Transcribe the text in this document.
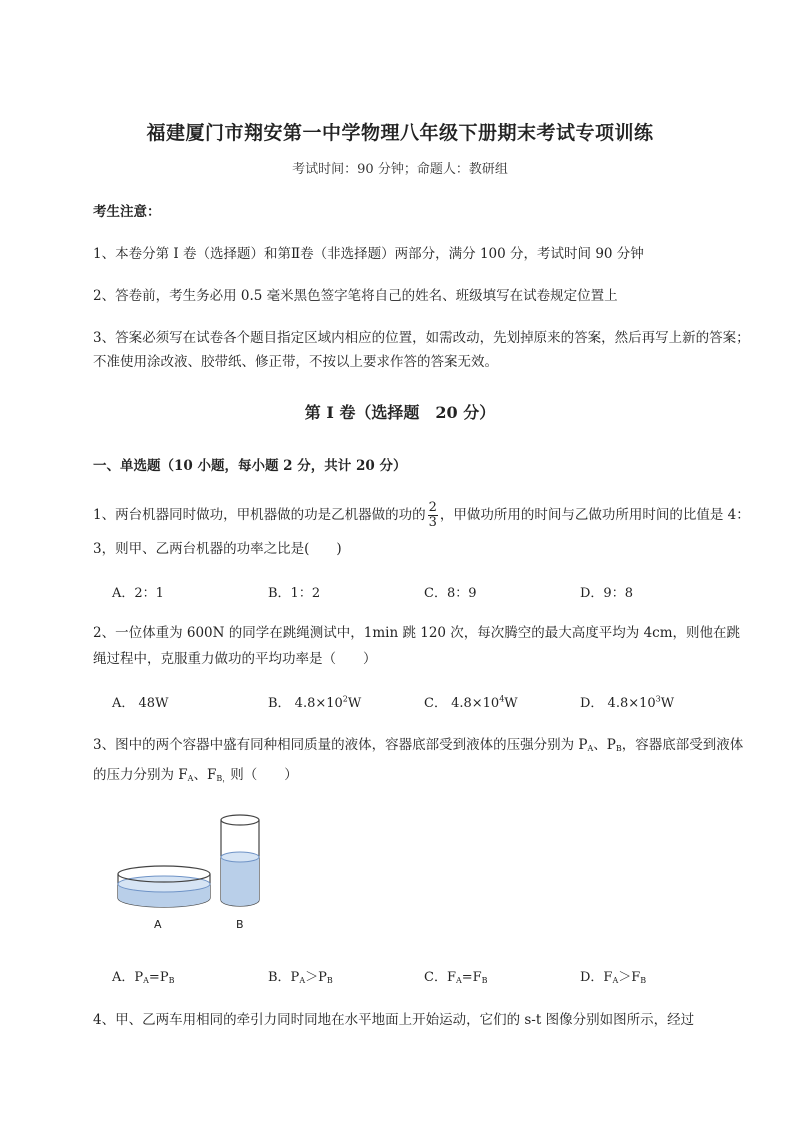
福建厦门市翔安第一中学物理八年级下册期末考试专项训练
考试时间：90 分钟；命题人：教研组
考生注意：
1、本卷分第 I 卷（选择题）和第Ⅱ卷（非选择题）两部分，满分 100 分，考试时间 90 分钟
2、答卷前，考生务必用 0.5 毫米黑色签字笔将自己的姓名、班级填写在试卷规定位置上
3、答案必须写在试卷各个题目指定区域内相应的位置，如需改动，先划掉原来的答案，然后再写上新的答案；不准使用涂改液、胶带纸、修正带，不按以上要求作答的答案无效。
第 I 卷（选择题　20 分）
一、单选题（10 小题，每小题 2 分，共计 20 分）
1、两台机器同时做功，甲机器做的功是乙机器做的功的 $\frac{2}{3}$ ，甲做功所用的时间与乙做功所用时间的比值是 4：3，则甲、乙两台机器的功率之比是(　　)
A．2：1	B．1：2	C．8：9	D．9：8
2、一位体重为 600N 的同学在跳绳测试中，1min 跳 120 次，每次腾空的最大高度平均为 4cm，则他在跳绳过程中，克服重力做功的平均功率是（　　）
A． 48W	B． $4.8\times 10^2W$	C． $4.8\times 10^4W$	D． $4.8\times 10^3W$
3、图中的两个容器中盛有同种相同质量的液体，容器底部受到液体的压强分别为 $P_A$、$P_B$，容器底部受到液体的压力分别为 $F_A$、$F_{B,}$则（　　）
A	B
A．$P_A=P_B$	B．$P_A>P_B$	C．$F_A=F_B$	D．$F_A>F_B$
4、甲、乙两车用相同的牵引力同时同地在水平地面上开始运动，它们的 s-t 图像分别如图所示，经过
